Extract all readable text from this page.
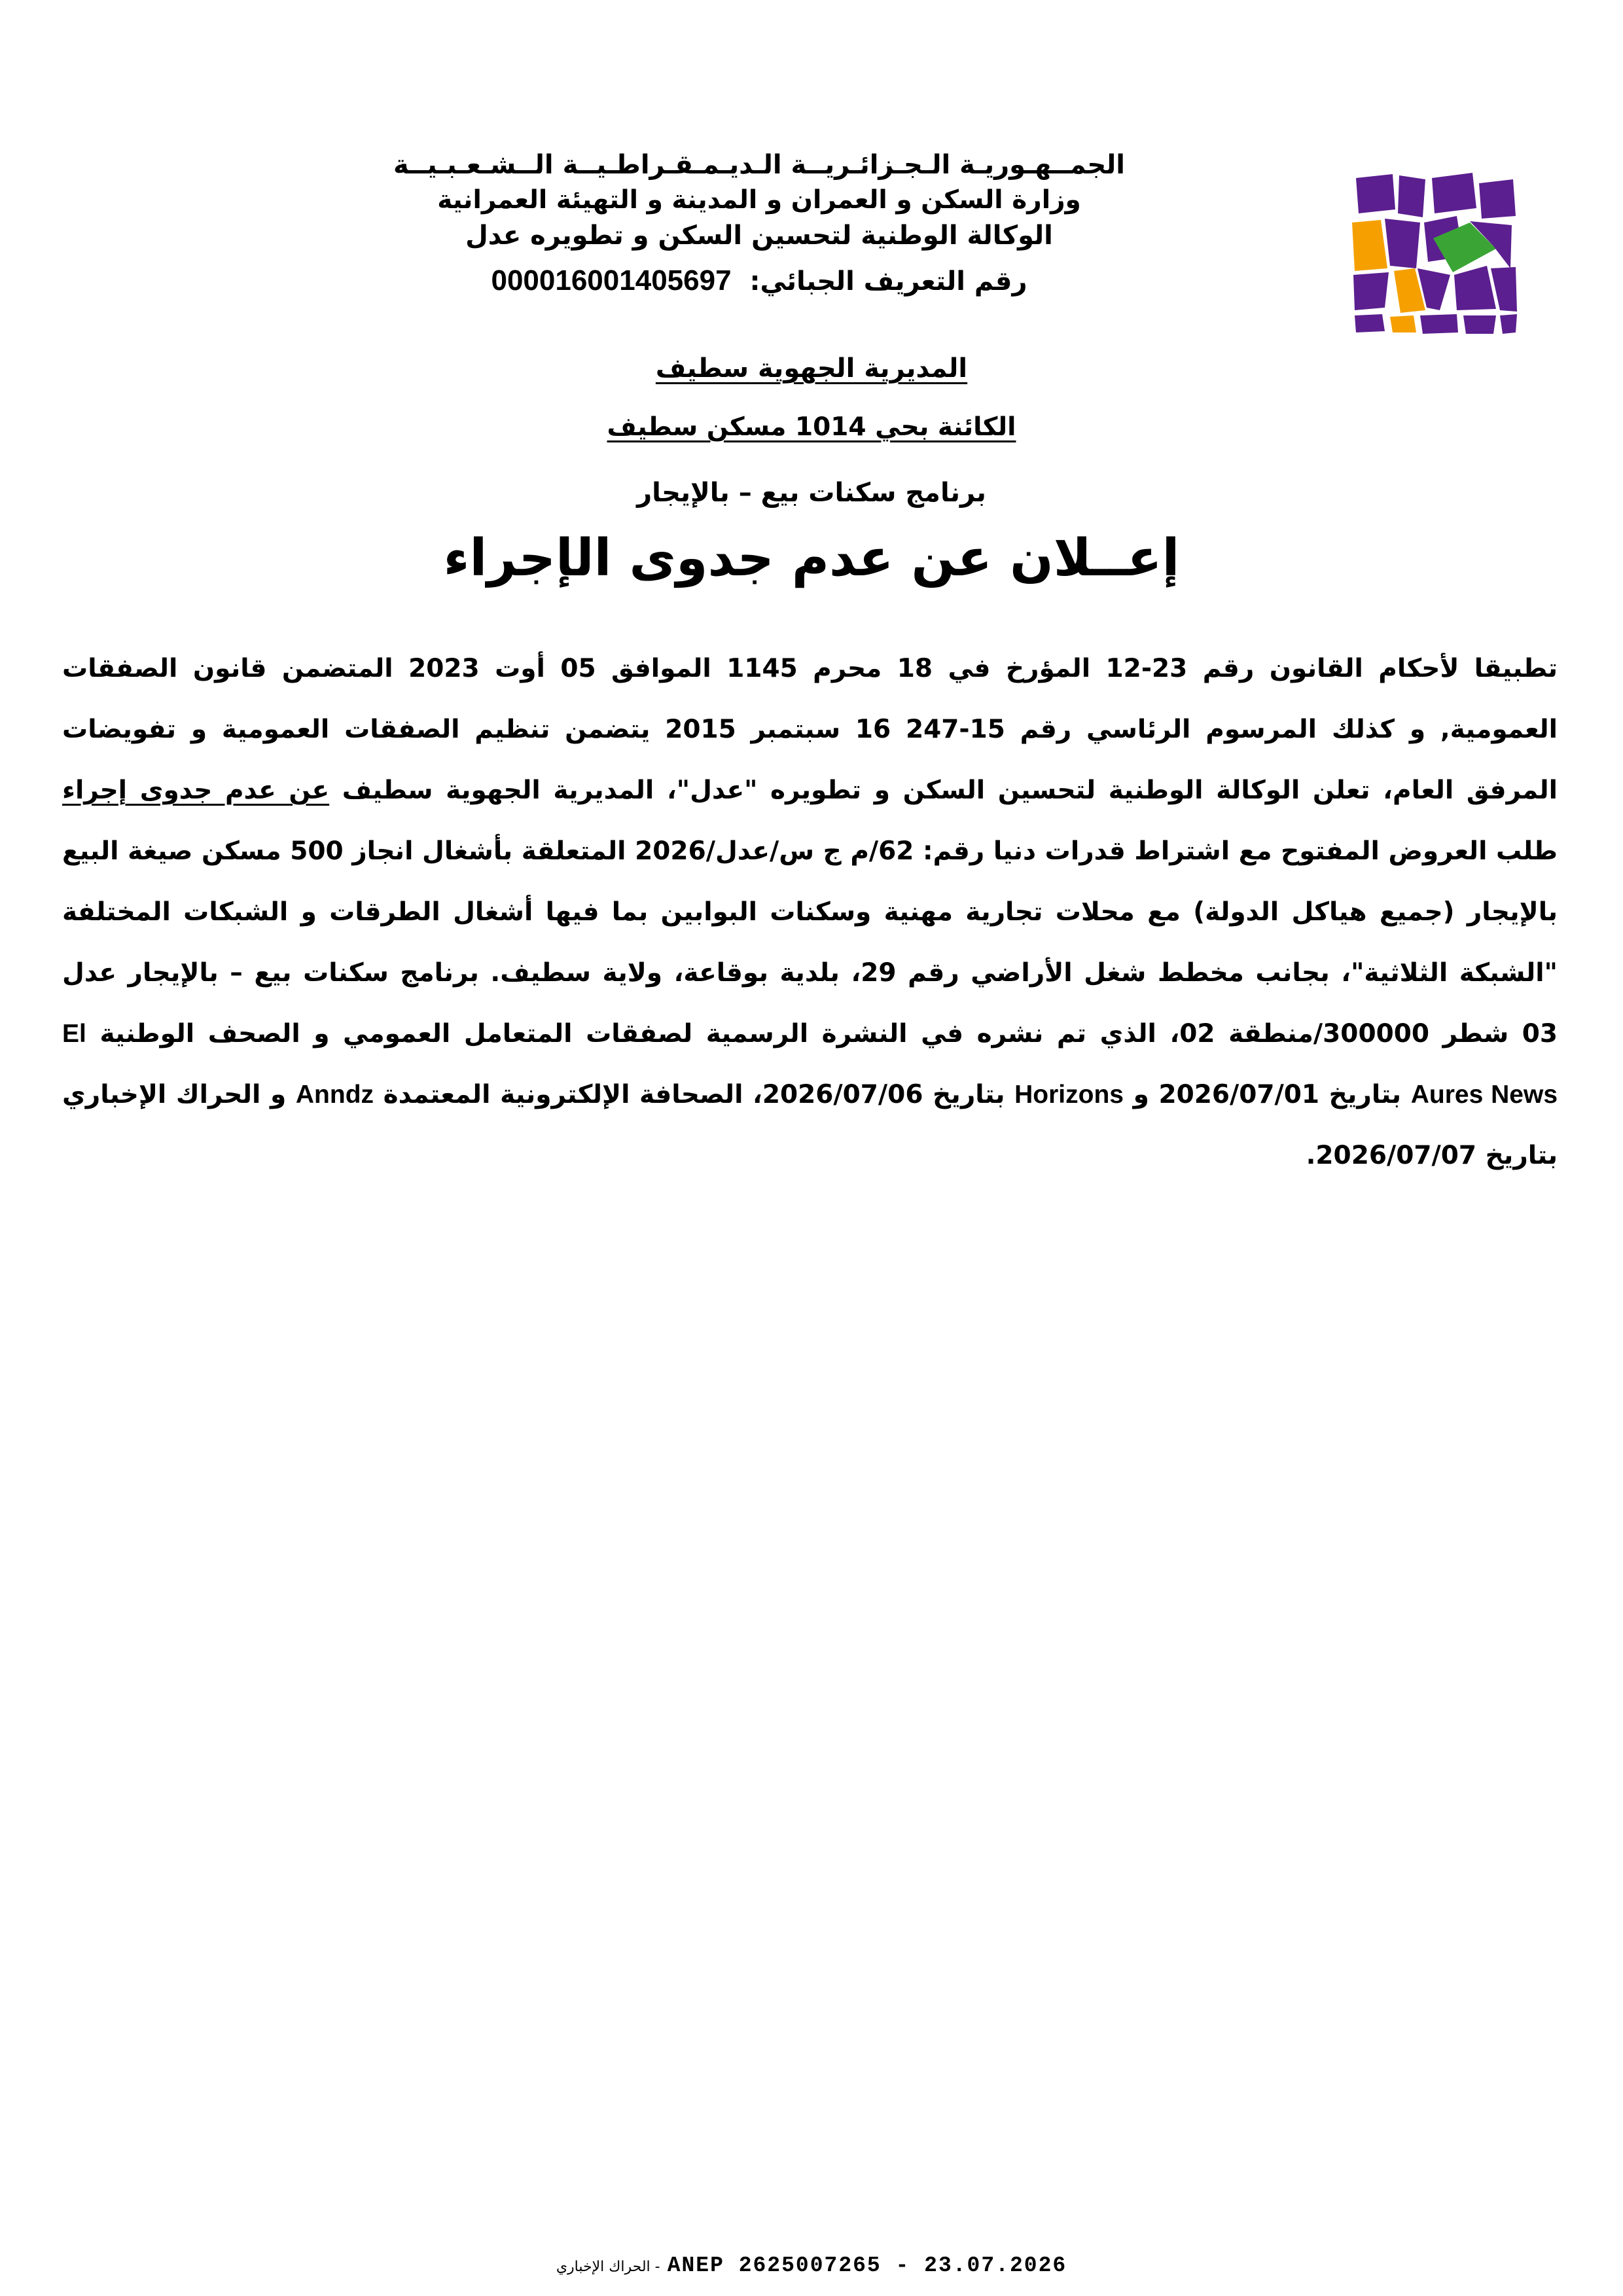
الجمــهـوريـة الـجـزائـريــة الـديـمـقـراطـيــة الــشـعـبـيــة
وزارة السكن و العمران و المدينة و التهيئة العمرانية
الوكالة الوطنية لتحسين السكن و تطويره عدل
رقم التعريف الجبائي: 000016001405697
المديرية الجهوية سطيف
الكائنة بحي 1014 مسكن سطيف
برنامج سكنات بيع – بالإيجار
إعــلان عن عدم جدوى الإجراء
تطبيقا لأحكام القانون رقم 23-12 المؤرخ في 18 محرم 1145 الموافق 05 أوت 2023 المتضمن قانون الصفقات العمومية, و كذلك المرسوم الرئاسي رقم 15-247 16 سبتمبر 2015 يتضمن تنظيم الصفقات العمومية و تفويضات المرفق العام، تعلن الوكالة الوطنية لتحسين السكن و تطويره "عدل"، المديرية الجهوية سطيف عن عدم جدوى إجراء طلب العروض المفتوح مع اشتراط قدرات دنيا رقم: 62/م ج س/عدل/2026 المتعلقة بأشغال انجاز 500 مسكن صيغة البيع بالإيجار (جميع هياكل الدولة) مع محلات تجارية مهنية وسكنات البوابين بما فيها أشغال الطرقات و الشبكات المختلفة "الشبكة الثلاثية"، بجانب مخطط شغل الأراضي رقم 29، بلدية بوقاعة، ولاية سطيف. برنامج سكنات بيع – بالإيجار عدل 03 شطر 300000/منطقة 02، الذي تم نشره في النشرة الرسمية لصفقات المتعامل العمومي و الصحف الوطنية El Aures News بتاريخ 2026/07/01 و Horizons بتاريخ 2026/07/06، الصحافة الإلكترونية المعتمدة Anndz و الحراك الإخباري بتاريخ 2026/07/07.
الحراك الإخباري - ANEP 2625007265 - 23.07.2026
